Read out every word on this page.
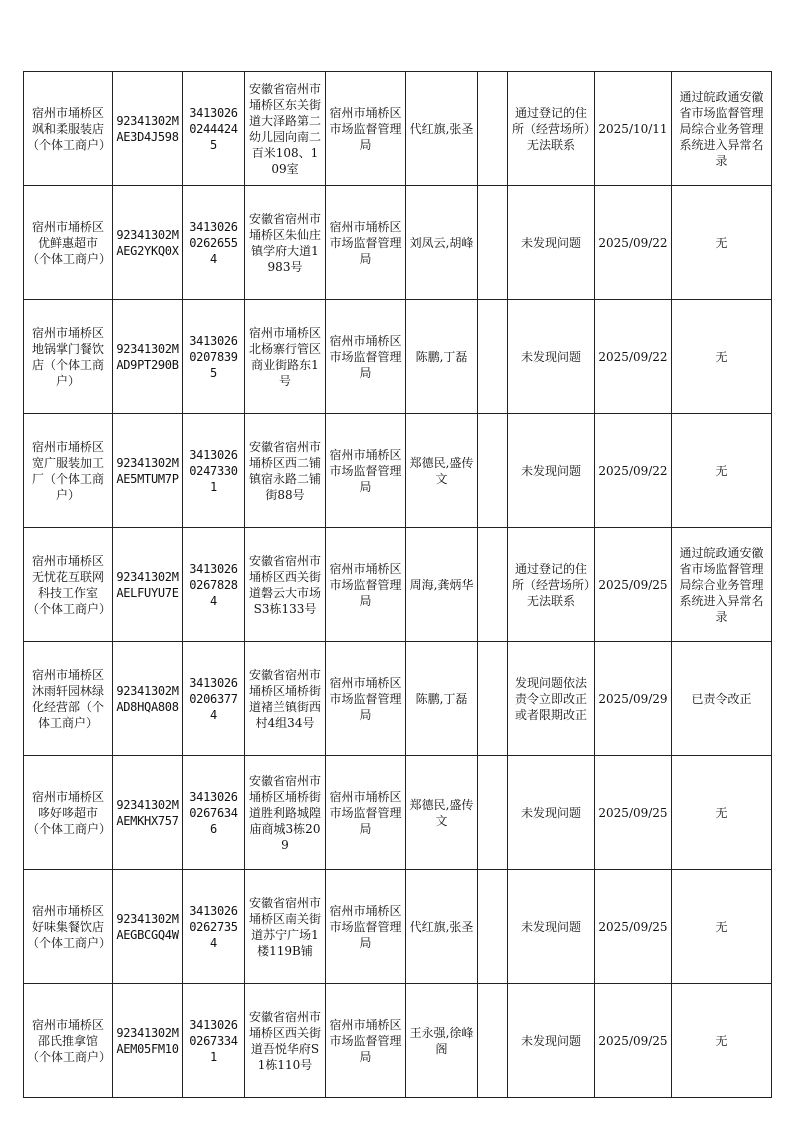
宿州市埇桥区飒和柔服装店（个体工商户）	92341302MAE3D4J598	341302602444245	安徽省宿州市埇桥区东关街道大泽路第二幼儿园向南二百米108、109室	宿州市埇桥区市场监督管理局	代红旗,张圣		通过登记的住所（经营场所）无法联系	2025/10/11	通过皖政通安徽省市场监督管理局综合业务管理系统进入异常名录
宿州市埇桥区优鲜惠超市（个体工商户）	92341302MAEG2YKQ0X	341302602626554	安徽省宿州市埇桥区朱仙庄镇学府大道1983号	宿州市埇桥区市场监督管理局	刘凤云,胡峰		未发现问题	2025/09/22	无
宿州市埇桥区地锅掌门餐饮店（个体工商户）	92341302MAD9PT290B	341302602078395	宿州市埇桥区北杨寨行管区商业街路东1号	宿州市埇桥区市场监督管理局	陈鹏,丁磊		未发现问题	2025/09/22	无
宿州市埇桥区宽广服装加工厂（个体工商户）	92341302MAE5MTUM7P	341302602473301	安徽省宿州市埇桥区西二铺镇宿永路二铺街88号	宿州市埇桥区市场监督管理局	郑德民,盛传文		未发现问题	2025/09/22	无
宿州市埇桥区无忧花互联网科技工作室（个体工商户）	92341302MAELFUYU7E	341302602678284	安徽省宿州市埇桥区西关街道磐云大市场S3栋133号	宿州市埇桥区市场监督管理局	周海,龚炳华		通过登记的住所（经营场所）无法联系	2025/09/25	通过皖政通安徽省市场监督管理局综合业务管理系统进入异常名录
宿州市埇桥区沐雨轩园林绿化经营部（个体工商户）	92341302MAD8HQA808	341302602063774	安徽省宿州市埇桥区埇桥街道褚兰镇街西村4组34号	宿州市埇桥区市场监督管理局	陈鹏,丁磊		发现问题依法责令立即改正或者限期改正	2025/09/29	已责令改正
宿州市埇桥区哆好哆超市（个体工商户）	92341302MAEMKHX757	341302602676346	安徽省宿州市埇桥区埇桥街道胜利路城隍庙商城3栋209	宿州市埇桥区市场监督管理局	郑德民,盛传文		未发现问题	2025/09/25	无
宿州市埇桥区好味集餐饮店（个体工商户）	92341302MAEGBCGQ4W	341302602627354	安徽省宿州市埇桥区南关街道苏宁广场1楼119B铺	宿州市埇桥区市场监督管理局	代红旗,张圣		未发现问题	2025/09/25	无
宿州市埇桥区邵氏推拿馆（个体工商户）	92341302MAEM05FM10	341302602673341	安徽省宿州市埇桥区西关街道吾悦华府S1栋110号	宿州市埇桥区市场监督管理局	王永强,徐峰阁		未发现问题	2025/09/25	无
